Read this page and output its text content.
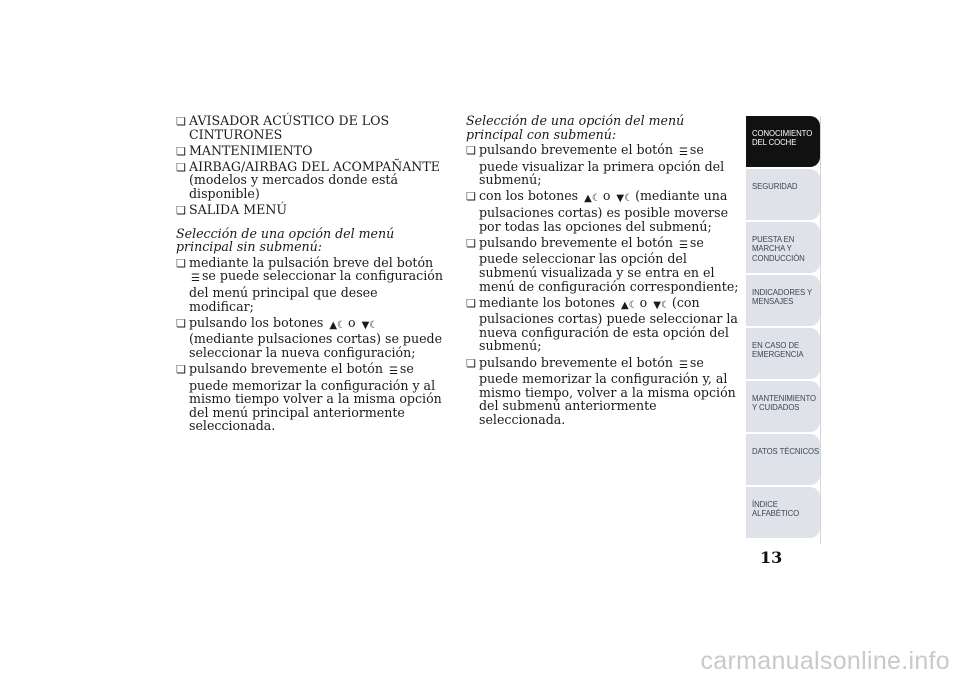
❏
AVISADOR ACÚSTICO DE LOS CINTURONES
❏
MANTENIMIENTO
❏
AIRBAG/AIRBAG DEL ACOMPAÑANTE (modelos y mercados donde está disponible)
❏
SALIDA MENÚ
Selección de una opción del menú principal sin submenú:
❏
mediante la pulsación breve del botón ☰se puede seleccionar la configuración del menú principal que desee modificar;
❏
pulsando los botones ▲☾o ▼☾(mediante pulsaciones cortas) se puede seleccionar la nueva configuración;
❏
pulsando brevemente el botón ☰se puede memorizar la configuración y al mismo tiempo volver a la misma opción del menú principal anteriormente seleccionada.
Selección de una opción del menú principal con submenú:
❏
pulsando brevemente el botón ☰se puede visualizar la primera opción del submenú;
❏
con los botones ▲☾o ▼☾(mediante una pulsaciones cortas) es posible moverse por todas las opciones del submenú;
❏
pulsando brevemente el botón ☰se puede seleccionar las opción del submenú visualizada y se entra en el menú de configuración correspondiente;
❏
mediante los botones ▲☾o ▼☾(con pulsaciones cortas) puede seleccionar la nueva configuración de esta opción del submenú;
❏
pulsando brevemente el botón ☰se puede memorizar la configuración y, al mismo tiempo, volver a la misma opción del submenú anteriormente seleccionada.
CONOCIMIENTO DEL COCHE
SEGURIDAD
PUESTA EN MARCHA Y CONDUCCIÓN
INDICADORES Y MENSAJES
EN CASO DE EMERGENCIA
MANTENIMIENTO Y CUIDADOS
DATOS TÉCNICOS
ÍNDICE ALFABÉTICO
13
carmanualsonline.info
